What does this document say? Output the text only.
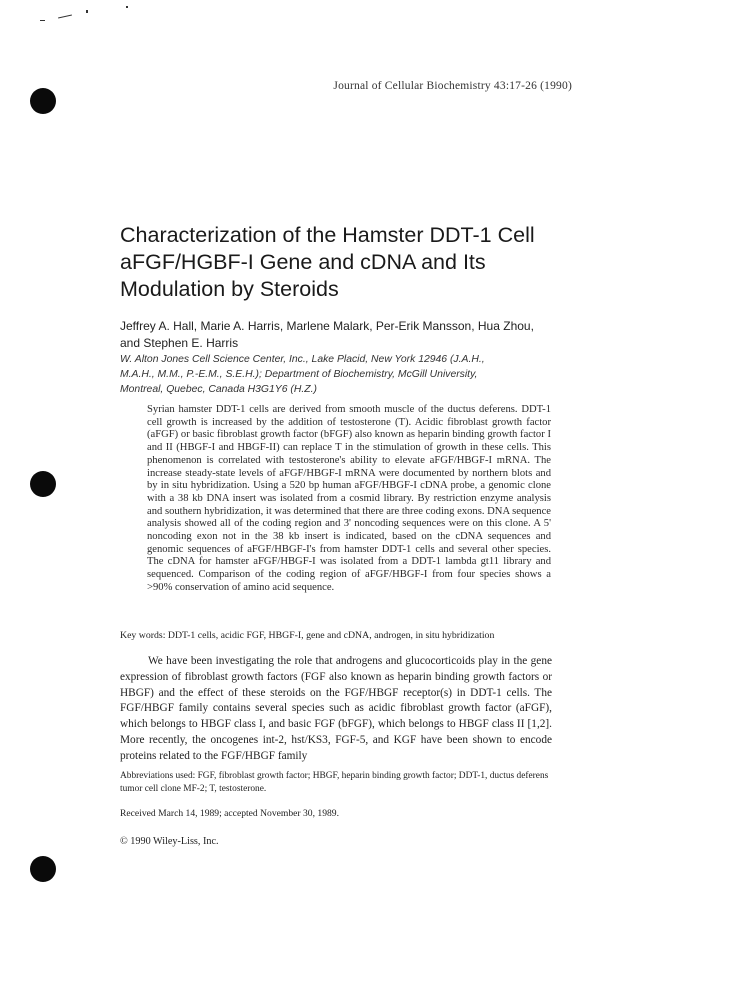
Journal of Cellular Biochemistry 43:17-26 (1990)
Characterization of the Hamster DDT-1 Cell aFGF/HGBF-I Gene and cDNA and Its Modulation by Steroids
Jeffrey A. Hall, Marie A. Harris, Marlene Malark, Per-Erik Mansson, Hua Zhou, and Stephen E. Harris
W. Alton Jones Cell Science Center, Inc., Lake Placid, New York 12946 (J.A.H., M.A.H., M.M., P.-E.M., S.E.H.); Department of Biochemistry, McGill University, Montreal, Quebec, Canada H3G1Y6 (H.Z.)
Syrian hamster DDT-1 cells are derived from smooth muscle of the ductus deferens. DDT-1 cell growth is increased by the addition of testosterone (T). Acidic fibroblast growth factor (aFGF) or basic fibroblast growth factor (bFGF) also known as heparin binding growth factor I and II (HBGF-I and HBGF-II) can replace T in the stimulation of growth in these cells. This phenomenon is correlated with testosterone's ability to elevate aFGF/HBGF-I mRNA. The increase steady-state levels of aFGF/HBGF-I mRNA were documented by northern blots and by in situ hybridization. Using a 520 bp human aFGF/HBGF-I cDNA probe, a genomic clone with a 38 kb DNA insert was isolated from a cosmid library. By restriction enzyme analysis and southern hybridization, it was determined that there are three coding exons. DNA sequence analysis showed all of the coding region and 3' noncoding sequences were on this clone. A 5' noncoding exon not in the 38 kb insert is indicated, based on the cDNA sequences and genomic sequences of aFGF/HBGF-I's from hamster DDT-1 cells and several other species. The cDNA for hamster aFGF/HBGF-I was isolated from a DDT-1 lambda gt11 library and sequenced. Comparison of the coding region of aFGF/HBGF-I from four species shows a >90% conservation of amino acid sequence.
Key words: DDT-1 cells, acidic FGF, HBGF-I, gene and cDNA, androgen, in situ hybridization
We have been investigating the role that androgens and glucocorticoids play in the gene expression of fibroblast growth factors (FGF also known as heparin binding growth factors or HBGF) and the effect of these steroids on the FGF/HBGF receptor(s) in DDT-1 cells. The FGF/HBGF family contains several species such as acidic fibroblast growth factor (aFGF), which belongs to HBGF class I, and basic FGF (bFGF), which belongs to HBGF class II [1,2]. More recently, the oncogenes int-2, hst/KS3, FGF-5, and KGF have been shown to encode proteins related to the FGF/HBGF family
Abbreviations used: FGF, fibroblast growth factor; HBGF, heparin binding growth factor; DDT-1, ductus deferens tumor cell clone MF-2; T, testosterone.
Received March 14, 1989; accepted November 30, 1989.
© 1990 Wiley-Liss, Inc.
